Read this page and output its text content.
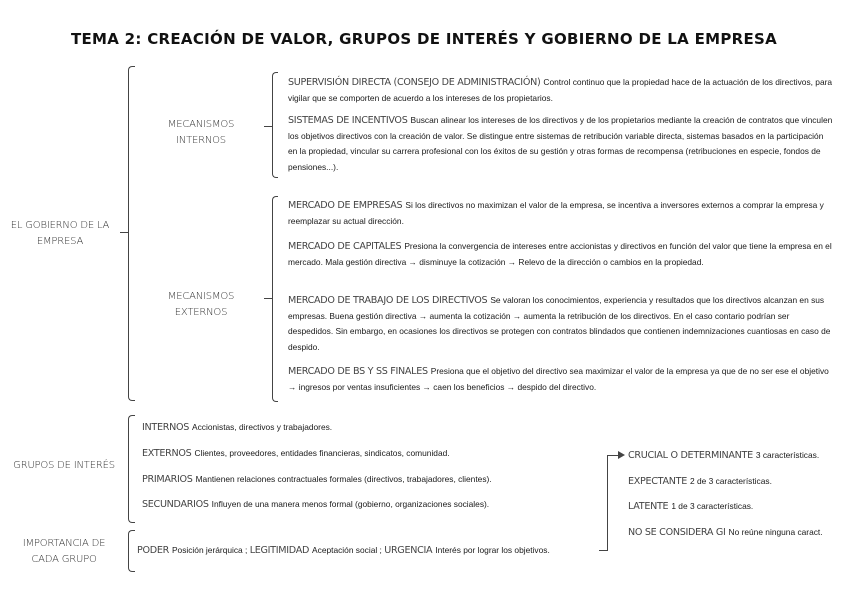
TEMA 2: CREACIÓN DE VALOR, GRUPOS DE INTERÉS Y GOBIERNO DE LA EMPRESA
EL GOBIERNO DE LA EMPRESA
MECANISMOS INTERNOS
SUPERVISIÓN DIRECTA (CONSEJO DE ADMINISTRACIÓN) Control continuo que la propiedad hace de la actuación de los directivos, para vigilar que se comporten de acuerdo a los intereses de los propietarios.
SISTEMAS DE INCENTIVOS Buscan alinear los intereses de los directivos y de los propietarios mediante la creación de contratos que vinculen los objetivos directivos con la creación de valor. Se distingue entre sistemas de retribución variable directa, sistemas basados en la participación en la propiedad, vincular su carrera profesional con los éxitos de su gestión y otras formas de recompensa (retribuciones en especie, fondos de pensiones...).
MECANISMOS EXTERNOS
MERCADO DE EMPRESAS Si los directivos no maximizan el valor de la empresa, se incentiva a inversores externos a comprar la empresa y reemplazar su actual dirección.
MERCADO DE CAPITALES Presiona la convergencia de intereses entre accionistas y directivos en función del valor que tiene la empresa en el mercado. Mala gestión directiva → disminuye la cotización → Relevo de la dirección o cambios en la propiedad.
MERCADO DE TRABAJO DE LOS DIRECTIVOS Se valoran los conocimientos, experiencia y resultados que los directivos alcanzan en sus empresas. Buena gestión directiva → aumenta la cotización → aumenta la retribución de los directivos. En el caso contario podrían ser despedidos. Sin embargo, en ocasiones los directivos se protegen con contratos blindados que contienen indemnizaciones cuantiosas en caso de despido.
MERCADO DE BS Y SS FINALES Presiona que el objetivo del directivo sea maximizar el valor de la empresa ya que de no ser ese el objetivo → ingresos por ventas insuficientes → caen los beneficios → despido del directivo.
GRUPOS DE INTERÉS
INTERNOS Accionistas, directivos y trabajadores.
EXTERNOS Clientes, proveedores, entidades financieras, sindicatos, comunidad.
PRIMARIOS Mantienen relaciones contractuales formales (directivos, trabajadores, clientes).
SECUNDARIOS Influyen de una manera menos formal (gobierno, organizaciones sociales).
IMPORTANCIA DE CADA GRUPO
PODER Posición jerárquica ; LEGITIMIDAD Aceptación social ; URGENCIA Interés por lograr los objetivos.
CRUCIAL O DETERMINANTE 3 características.
EXPECTANTE 2 de 3 características.
LATENTE 1 de 3 características.
NO SE CONSIDERA GI No reúne ninguna caract.
